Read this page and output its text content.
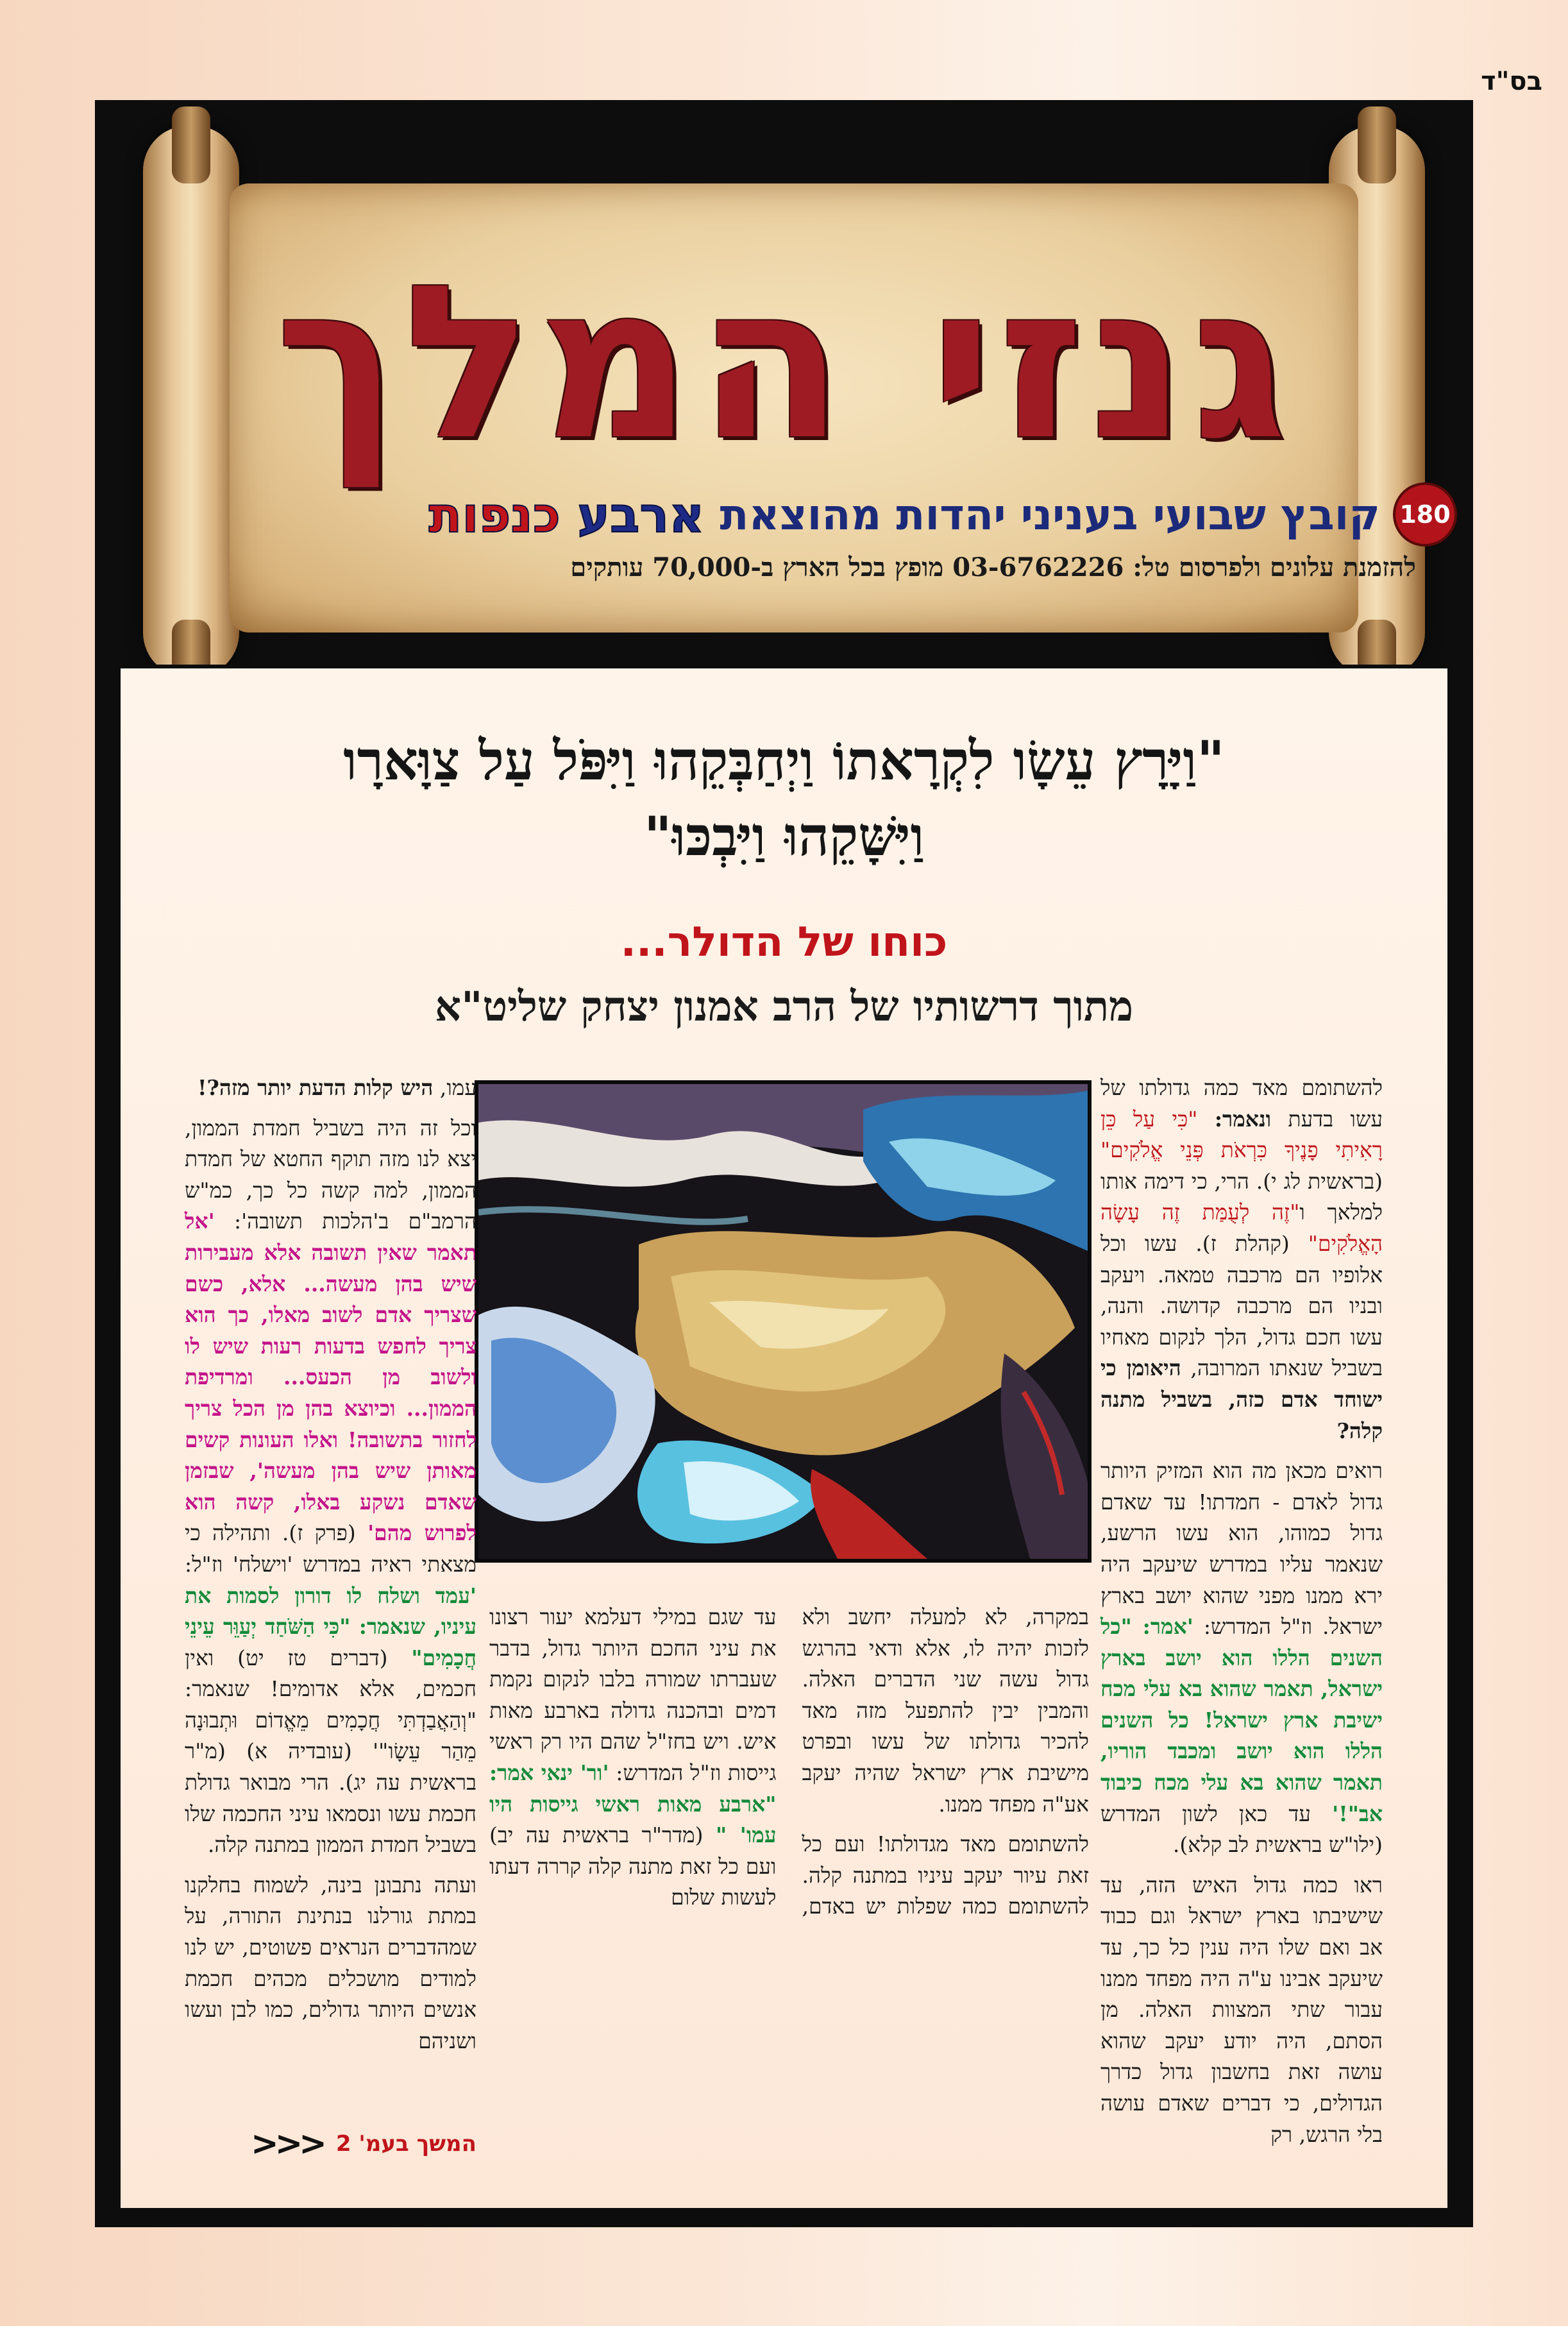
בס"ד
גנזי המלך
180
קובץ שבועי בעניני יהדות מהוצאת
ארבע כנפות
להזמנת עלונים ולפרסום טל: 03-6762226 מופץ בכל הארץ ב-70,000 עותקים
"וַיָּרָץ עֵשָׂו לִקְרָאתוֹ וַיְחַבְּקֵהוּ וַיִּפֹּל עַל צַוָּארָו
וַיִּשָּׁקֵהוּ וַיִּבְכּוּ"
כוחו של הדולר...
מתוך דרשותיו של הרב אמנון יצחק שליט"א

להשתומם מאד כמה גדולתו של עשו בדעת ונאמר: "כִּי עַל כֵּן רָאִיתִי פָנֶיךָ כִּרְאֹת פְּנֵי אֱלֹקִים" (בראשית לג י). הרי, כי דימה אותו למלאך ו"זֶה לְעֻמַּת זֶה עָשָׂה הָאֱלֹקִים" (קהלת ז). עשו וכל אלופיו הם מרכבה טמאה. ויעקב ובניו הם מרכבה קדושה. והנה, עשו חכם גדול, הלך לנקום מאחיו בשביל שנאתו המרובה, היאומן כי ישוחד אדם כזה, בשביל מתנה קלה?

רואים מכאן מה הוא המזיק היותר גדול לאדם - חמדתו! עד שאדם גדול כמוהו, הוא עשו הרשע, שנאמר עליו במדרש שיעקב היה ירא ממנו מפני שהוא יושב בארץ ישראל. וז"ל המדרש: 'אמר: "כל השנים הללו הוא יושב בארץ ישראל, תאמר שהוא בא עלי מכח ישיבת ארץ ישראל! כל השנים הללו הוא יושב ומכבד הוריו, תאמר שהוא בא עלי מכח כיבוד אב"!' עד כאן לשון המדרש (ילו"ש בראשית לב קלא).

ראו כמה גדול האיש הזה, עד שישיבתו בארץ ישראל וגם כבוד אב ואם שלו היה ענין כל כך, עד שיעקב אבינו ע"ה היה מפחד ממנו עבור שתי המצוות האלה. מן הסתם, היה יודע יעקב שהוא עושה זאת בחשבון גדול כדרך הגדולים, כי דברים שאדם עושה בלי הרגש, רק

במקרה, לא למעלה יחשב ולא לזכות יהיה לו, אלא ודאי בהרגש גדול עשה שני הדברים האלה. והמבין יבין להתפעל מזה מאד להכיר גדולתו של עשו ובפרט מישיבת ארץ ישראל שהיה יעקב אע"ה מפחד ממנו.

להשתומם מאד מגדולתו! ועם כל זאת עיור יעקב עיניו במתנה קלה. להשתומם כמה שפלות יש באדם, עד שגם במילי דעלמא יעור רצונו את עיני החכם היותר גדול, בדבר שעברתו שמורה בלבו לנקום נקמת דמים ובהכנה גדולה בארבע מאות איש. ויש בחז"ל שהם היו רק ראשי גייסות וז"ל המדרש: 'ור' ינאי אמר: "ארבע מאות ראשי גייסות היו עמו' " (מדר"ר בראשית עה יב) ועם כל זאת מתנה קלה קררה דעתו לעשות שלום

עמו, היש קלות הדעת יותר מזה?!

וכל זה היה בשביל חמדת הממון, יצא לנו מזה תוקף החטא של חמדת הממון, למה קשה כל כך, כמ"ש הרמב"ם ב'הלכות תשובה': 'אל תאמר שאין תשובה אלא מעבירות שיש בהן מעשה... אלא, כשם שצריך אדם לשוב מאלו, כך הוא צריך לחפש בדעות רעות שיש לו ולשוב מן הכעס... ומרדיפת הממון... וכיוצא בהן מן הכל צריך לחזור בתשובה! ואלו העונות קשים מאותן שיש בהן מעשה', שבזמן שאדם נשקע באלו, קשה הוא לפרוש מהם' (פרק ז). ותהילה כי מצאתי ראיה במדרש 'וישלח' וז"ל: 'עמד ושלח לו דורון לסמות את עיניו, שנאמר: "כִּי הַשֹּׁחַד יְעַוֵּר עֵינֵי חֲכָמִים" (דברים טז יט) ואין חכמים, אלא אדומים! שנאמר: "וְהַאֲבַדְתִּי חֲכָמִים מֵאֱדוֹם וּתְבוּנָה מֵהַר עֵשָׂו"' (עובדיה א) (מ"ר בראשית עה יג). הרי מבואר גדולת חכמת עשו ונסמאו עיני החכמה שלו בשביל חמדת הממון במתנה קלה.

ועתה נתבונן בינה, לשמוח בחלקנו במתת גורלנו בנתינת התורה, על שמהדברים הנראים פשוטים, יש לנו למודים מושכלים מכהים חכמת אנשים היותר גדולים, כמו לבן ועשו ושניהם

המשך בעמ' 2
<<<
